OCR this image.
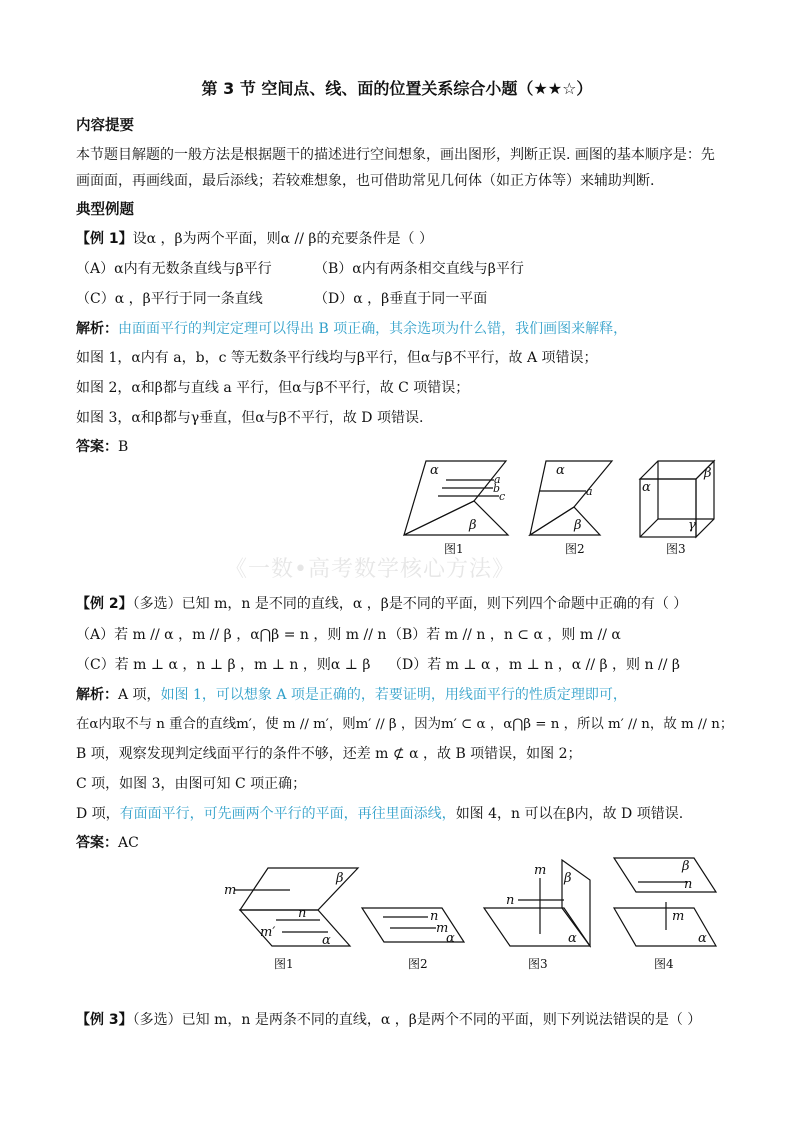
第 3 节 空间点、线、面的位置关系综合小题（★★☆）
内容提要
本节题目解题的一般方法是根据题干的描述进行空间想象，画出图形，判断正误. 画图的基本顺序是：先
画面面，再画线面，最后添线；若较难想象，也可借助常见几何体（如正方体等）来辅助判断.
典型例题
【例 1】设α ，β为两个平面，则α // β的充要条件是（ ）
（A）α内有无数条直线与β平行	（B）α内有两条相交直线与β平行
（C）α ，β平行于同一条直线	（D）α ，β垂直于同一平面
解析：由面面平行的判定定理可以得出 B 项正确，其余选项为什么错，我们画图来解释，
如图 1，α内有 a，b，c 等无数条平行线均与β平行，但α与β不平行，故 A 项错误；
如图 2，α和β都与直线 a 平行，但α与β不平行，故 C 项错误；
如图 3，α和β都与γ垂直，但α与β不平行，故 D 项错误.
答案：B
α
a
b
c
β
α
a
β
α
β
γ
图1	图2	图3
《一数•高考数学核心方法》
【例 2】（多选）已知 m，n 是不同的直线，α ，β是不同的平面，则下列四个命题中正确的有（ ）
（A）若 m // α ，m // β ，α⋂β = n ，则 m // n （B）若 m // n ，n ⊂ α ，则 m // α
（C）若 m ⊥ α ，n ⊥ β ，m ⊥ n ，则α ⊥ β （D）若 m ⊥ α ，m ⊥ n ，α // β ，则 n // β
解析：A 项，如图 1，可以想象 A 项是正确的，若要证明，用线面平行的性质定理即可，
在α内取不与 n 重合的直线m′，使 m // m′，则m′ // β ，因为m′ ⊂ α ，α⋂β = n ，所以 m′ // n，故 m // n；
B 项，观察发现判定线面平行的条件不够，还差 m ⊄ α ，故 B 项错误，如图 2；
C 项，如图 3，由图可知 C 项正确；
D 项，有面面平行，可先画两个平行的平面，再往里面添线，如图 4，n 可以在β内，故 D 项错误.
答案：AC
m
β
n
m′
α
n
m
α
m
n
β
α
β
n
m
α
图1	图2	图3	图4
【例 3】（多选）已知 m，n 是两条不同的直线，α ，β是两个不同的平面，则下列说法错误的是（ ）
